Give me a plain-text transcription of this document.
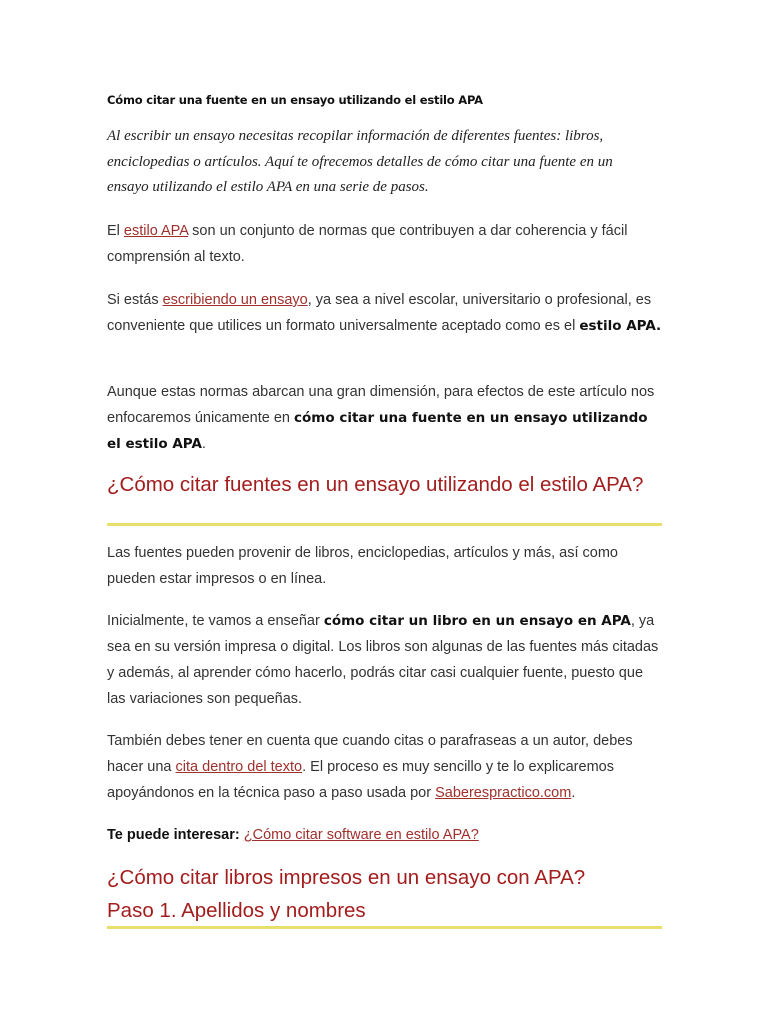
Cómo citar una fuente en un ensayo utilizando el estilo APA

Al escribir un ensayo necesitas recopilar información de diferentes fuentes: libros, enciclopedias o artículos. Aquí te ofrecemos detalles de cómo citar una fuente en un ensayo utilizando el estilo APA en una serie de pasos.

El estilo APA son un conjunto de normas que contribuyen a dar coherencia y fácil comprensión al texto.

Si estás escribiendo un ensayo, ya sea a nivel escolar, universitario o profesional, es conveniente que utilices un formato universalmente aceptado como es el estilo APA.

Aunque estas normas abarcan una gran dimensión, para efectos de este artículo nos enfocaremos únicamente en cómo citar una fuente en un ensayo utilizando el estilo APA.

¿Cómo citar fuentes en un ensayo utilizando el estilo APA?

Las fuentes pueden provenir de libros, enciclopedias, artículos y más, así como pueden estar impresos o en línea.

Inicialmente, te vamos a enseñar cómo citar un libro en un ensayo en APA, ya sea en su versión impresa o digital. Los libros son algunas de las fuentes más citadas y además, al aprender cómo hacerlo, podrás citar casi cualquier fuente, puesto que las variaciones son pequeñas.

También debes tener en cuenta que cuando citas o parafraseas a un autor, debes hacer una cita dentro del texto. El proceso es muy sencillo y te lo explicaremos apoyándonos en la técnica paso a paso usada por Saberespractico.com.

Te puede interesar: ¿Cómo citar software en estilo APA?

¿Cómo citar libros impresos en un ensayo con APA?
Paso 1. Apellidos y nombres
